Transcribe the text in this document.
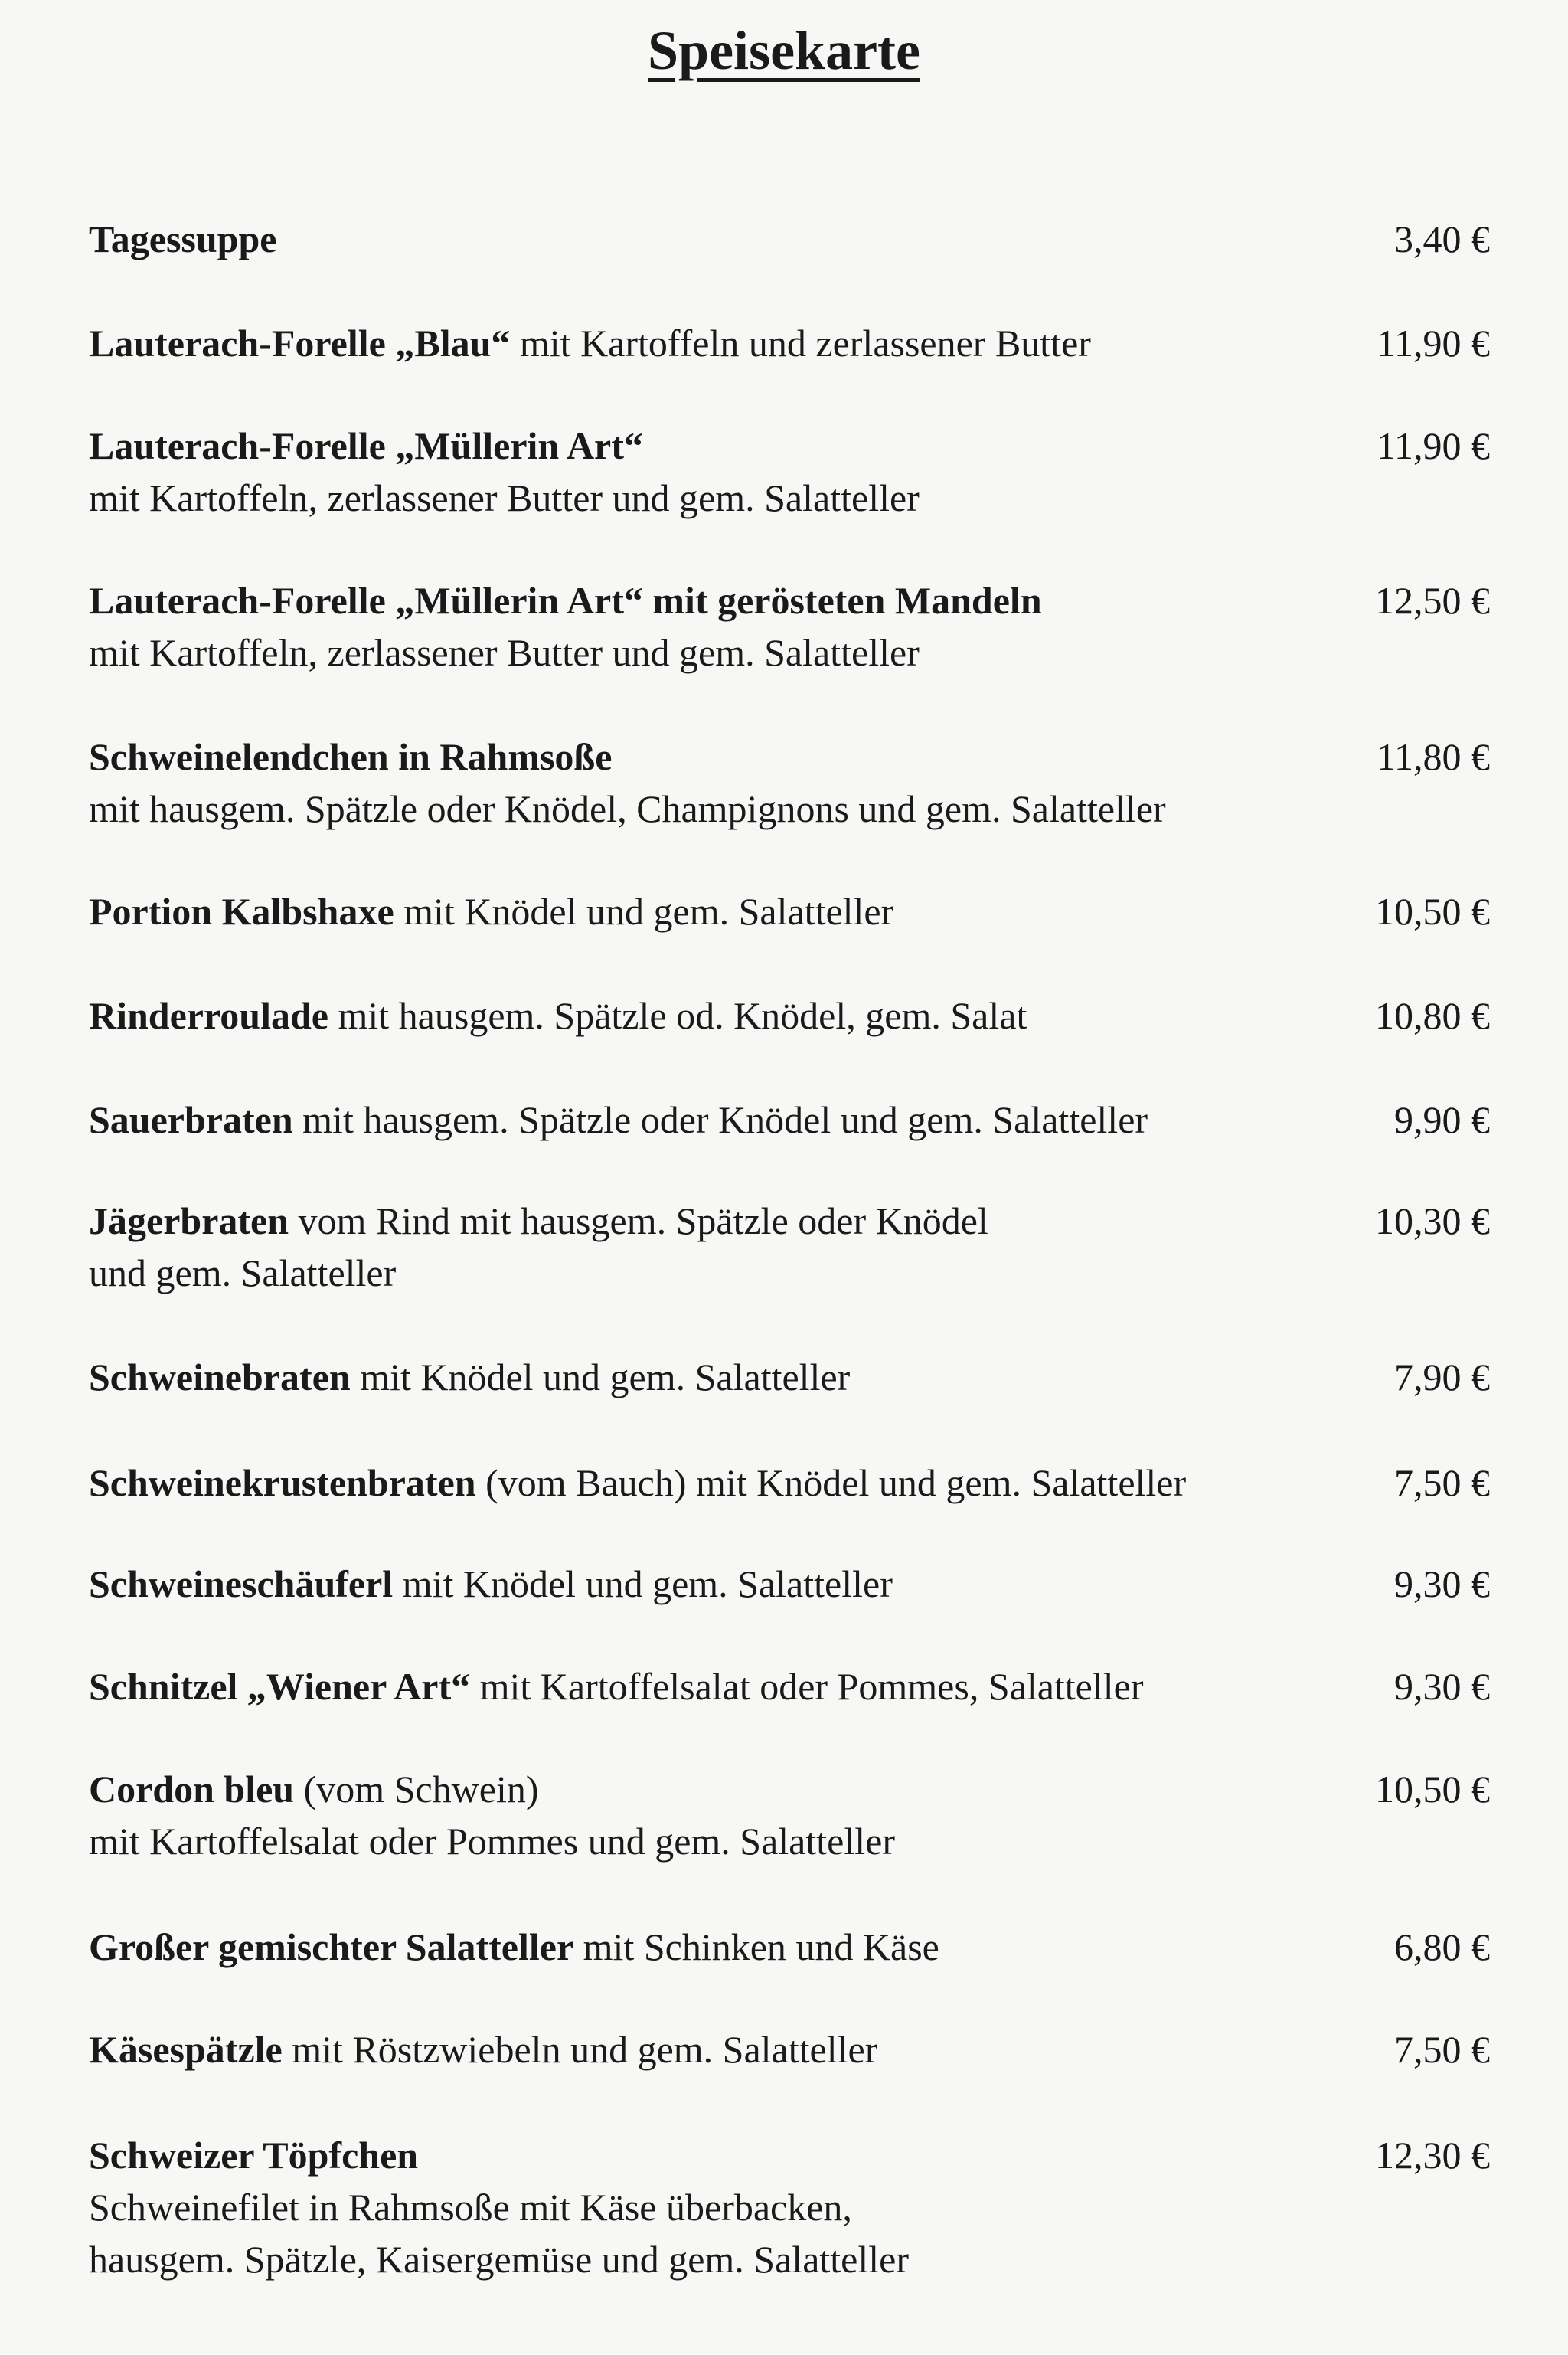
Speisekarte
Tagessuppe	3,40 €
Lauterach-Forelle „Blau“ mit Kartoffeln und zerlassener Butter	11,90 €
Lauterach-Forelle „Müllerin Art“
mit Kartoffeln, zerlassener Butter und gem. Salatteller
11,90 €
Lauterach-Forelle „Müllerin Art“ mit gerösteten Mandeln
mit Kartoffeln, zerlassener Butter und gem. Salatteller
12,50 €
Schweinelendchen in Rahmsoße
mit hausgem. Spätzle oder Knödel, Champignons und gem. Salatteller
11,80 €
Portion Kalbshaxe mit Knödel und gem. Salatteller	10,50 €
Rinderroulade mit hausgem. Spätzle od. Knödel, gem. Salat	10,80 €
Sauerbraten mit hausgem. Spätzle oder Knödel und gem. Salatteller	9,90 €
Jägerbraten vom Rind mit hausgem. Spätzle oder Knödel
und gem. Salatteller
10,30 €
Schweinebraten mit Knödel und gem. Salatteller	7,90 €
Schweinekrustenbraten (vom Bauch) mit Knödel und gem. Salatteller	7,50 €
Schweineschäuferl mit Knödel und gem. Salatteller	9,30 €
Schnitzel „Wiener Art“ mit Kartoffelsalat oder Pommes, Salatteller	9,30 €
Cordon bleu (vom Schwein)
mit Kartoffelsalat oder Pommes und gem. Salatteller
10,50 €
Großer gemischter Salatteller mit Schinken und Käse	6,80 €
Käsespätzle mit Röstzwiebeln und gem. Salatteller	7,50 €
Schweizer Töpfchen
Schweinefilet in Rahmsoße mit Käse überbacken,
hausgem. Spätzle, Kaisergemüse und gem. Salatteller
12,30 €
